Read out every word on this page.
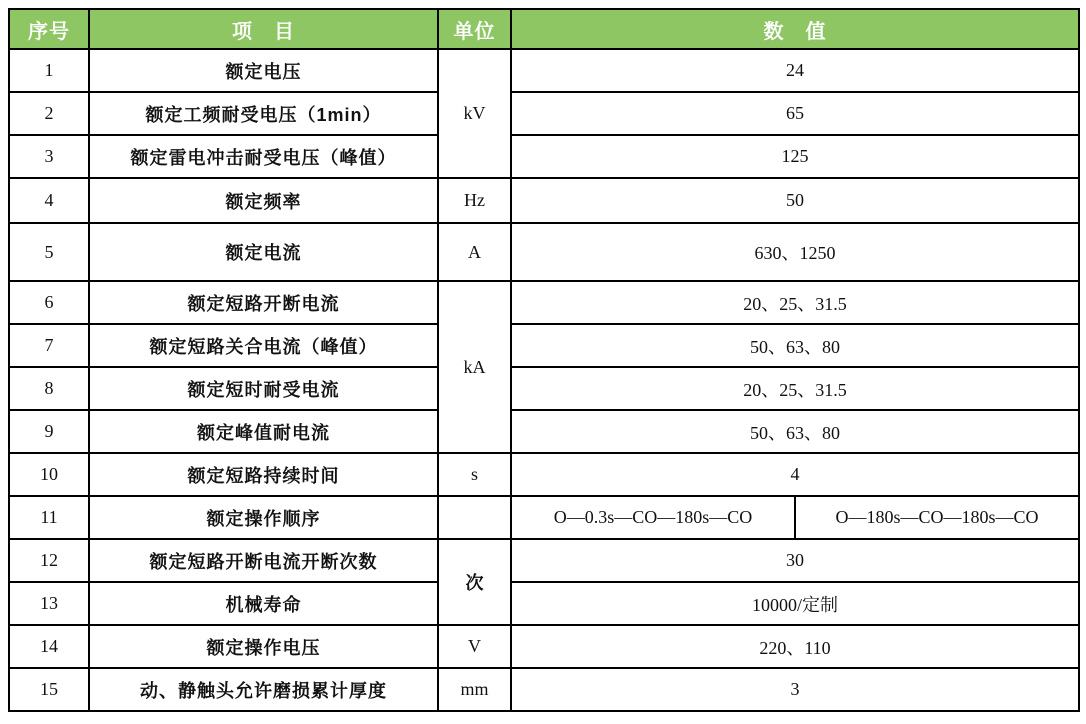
序号	项　目	单位	数　值	
1	额定电压	kV	24	
2	额定工频耐受电压（1min）		65	
3	额定雷电冲击耐受电压（峰值）		125	
4	额定频率	Hz	50	
5	额定电流	A	630、1250	
6	额定短路开断电流	kA	20、25、31.5	
7	额定短路关合电流（峰值）		50、63、80	
8	额定短时耐受电流		20、25、31.5	
9	额定峰值耐电流		50、63、80	
10	额定短路持续时间	s	4	
11	额定操作顺序		O—0.3s—CO—180s—CO	O—180s—CO—180s—CO
12	额定短路开断电流开断次数	次	30	
13	机械寿命		10000/定制	
14	额定操作电压	V	220、110	
15	动、静触头允许磨损累计厚度	mm	3	
